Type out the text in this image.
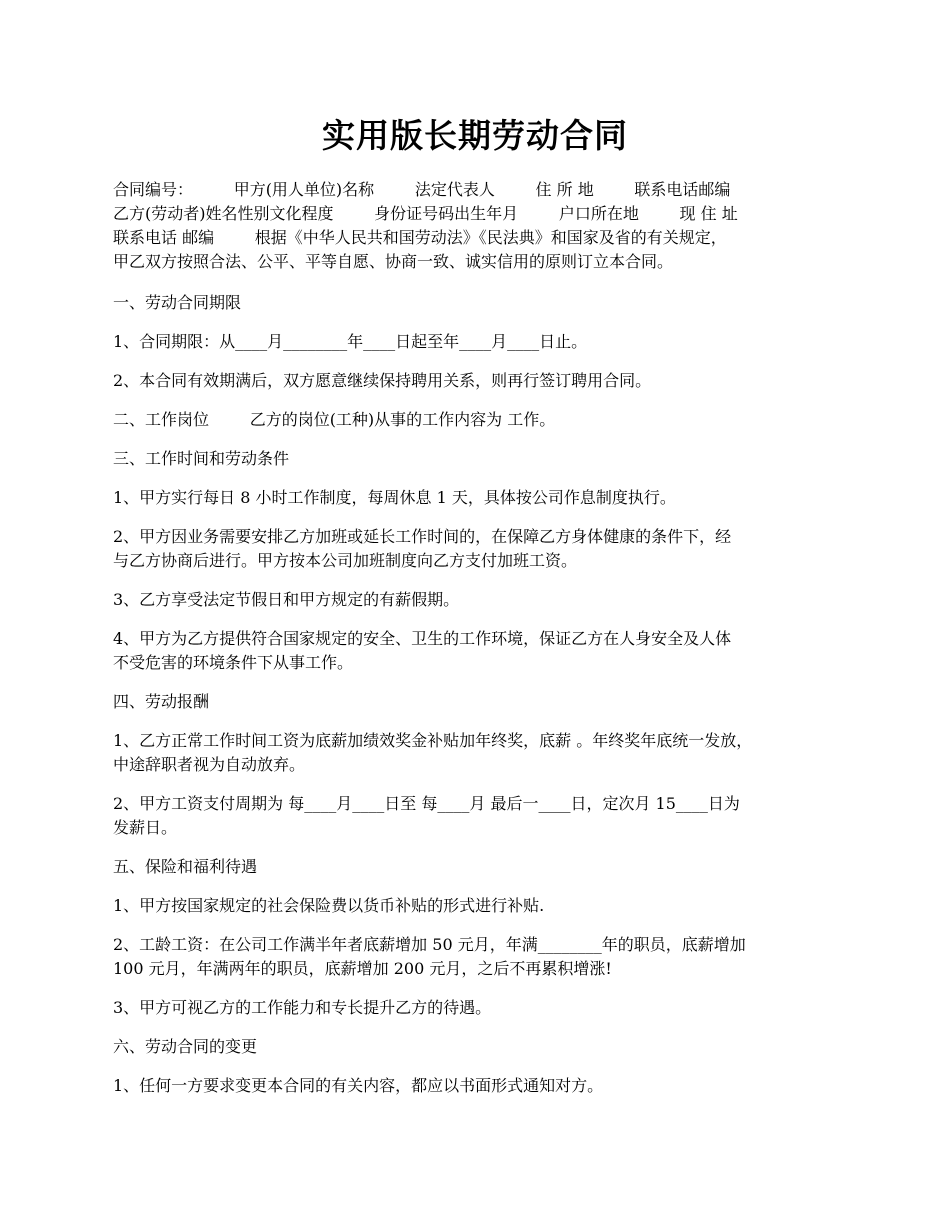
实用版长期劳动合同

合同编号：        甲方(用人单位)名称        法定代表人        住 所 地        联系电话邮编
乙方(劳动者)姓名性别文化程度        身份证号码出生年月        户口所在地        现 住 址
联系电话 邮编        根据《中华人民共和国劳动法》《民法典》和国家及省的有关规定，
甲乙双方按照合法、公平、平等自愿、协商一致、诚实信用的原则订立本合同。

一、劳动合同期限

1、合同期限：从____月________年____日起至年____月____日止。

2、本合同有效期满后，双方愿意继续保持聘用关系，则再行签订聘用合同。

二、工作岗位        乙方的岗位(工种)从事的工作内容为 工作。

三、工作时间和劳动条件

1、甲方实行每日 8 小时工作制度，每周休息 1 天，具体按公司作息制度执行。

2、甲方因业务需要安排乙方加班或延长工作时间的，在保障乙方身体健康的条件下，经
与乙方协商后进行。甲方按本公司加班制度向乙方支付加班工资。

3、乙方享受法定节假日和甲方规定的有薪假期。

4、甲方为乙方提供符合国家规定的安全、卫生的工作环境，保证乙方在人身安全及人体
不受危害的环境条件下从事工作。

四、劳动报酬

1、乙方正常工作时间工资为底薪加绩效奖金补贴加年终奖，底薪 。年终奖年底统一发放，
中途辞职者视为自动放弃。

2、甲方工资支付周期为 每____月____日至 每____月 最后一____日，定次月 15____日为
发薪日。

五、保险和福利待遇

1、甲方按国家规定的社会保险费以货币补贴的形式进行补贴.

2、工龄工资：在公司工作满半年者底薪增加 50 元月，年满________年的职员，底薪增加
100 元月，年满两年的职员，底薪增加 200 元月，之后不再累积增涨!

3、甲方可视乙方的工作能力和专长提升乙方的待遇。

六、劳动合同的变更

1、任何一方要求变更本合同的有关内容，都应以书面形式通知对方。
